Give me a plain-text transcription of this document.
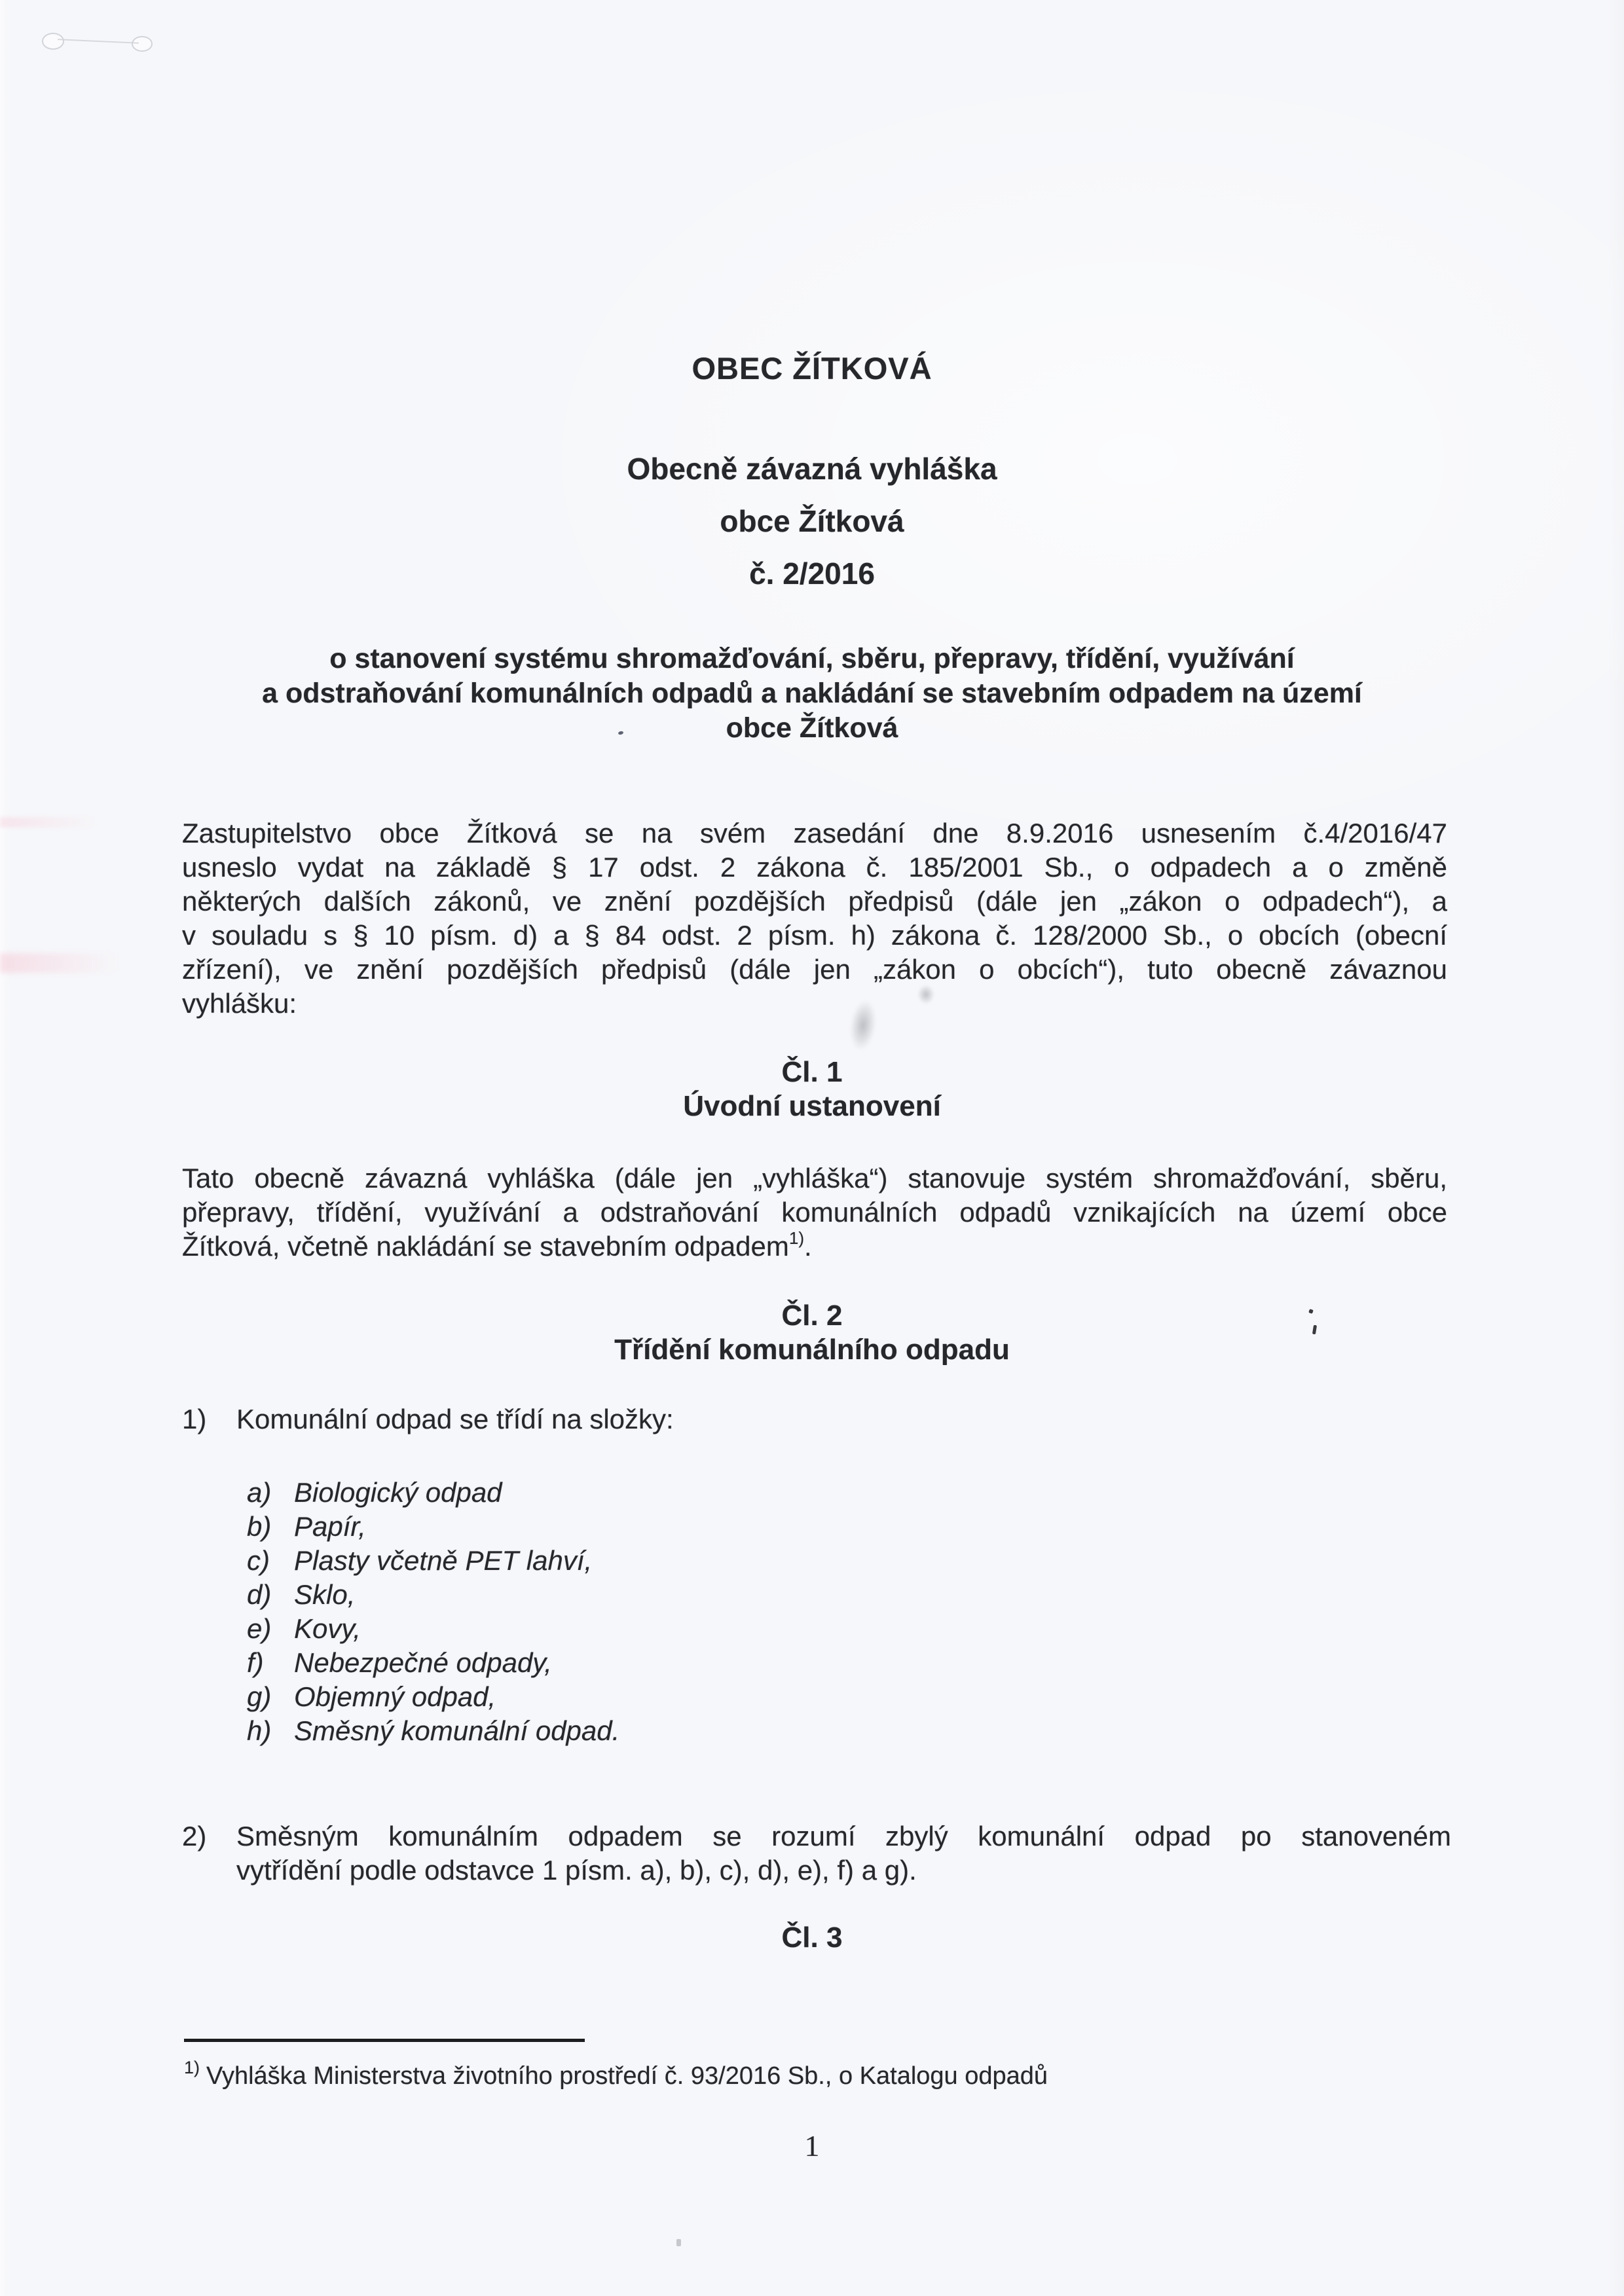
OBEC ŽÍTKOVÁ
Obecně závazná vyhláška
obce Žítková
č. 2/2016
o stanovení systému shromažďování, sběru, přepravy, třídění, využívání
a odstraňování komunálních odpadů a nakládání se stavebním odpadem na území
obce Žítková
Zastupitelstvo obce Žítková se na svém zasedání dne 8.9.2016 usnesením č.4/2016/47
usneslo vydat na základě § 17 odst. 2 zákona č. 185/2001 Sb., o odpadech a o změně
některých dalších zákonů, ve znění pozdějších předpisů (dále jen „zákon o odpadech“), a
v souladu s § 10 písm. d) a § 84 odst. 2 písm. h) zákona č. 128/2000 Sb., o obcích (obecní
zřízení), ve znění pozdějších předpisů (dále jen „zákon o obcích“), tuto obecně závaznou
vyhlášku:
Čl. 1
Úvodní ustanovení
Tato obecně závazná vyhláška (dále jen „vyhláška“) stanovuje systém shromažďování, sběru,
přepravy, třídění, využívání a odstraňování komunálních odpadů vznikajících na území obce
Žítková, včetně nakládání se stavebním odpadem$^{1)}$.
Čl. 2
Třídění komunálního odpadu
1)	Komunální odpad se třídí na složky:
a) Biologický odpad
b) Papír,
c) Plasty včetně PET lahví,
d) Sklo,
e) Kovy,
f)	Nebezpečné odpady,
g) Objemný odpad,
h) Směsný komunální odpad.
2)	Směsným komunálním odpadem se rozumí zbylý komunální odpad po stanoveném
vytřídění podle odstavce 1 písm. a), b), c), d), e), f) a g).
Čl. 3
$^{1)}$ Vyhláška Ministerstva životního prostředí č. 93/2016 Sb., o Katalogu odpadů
1
